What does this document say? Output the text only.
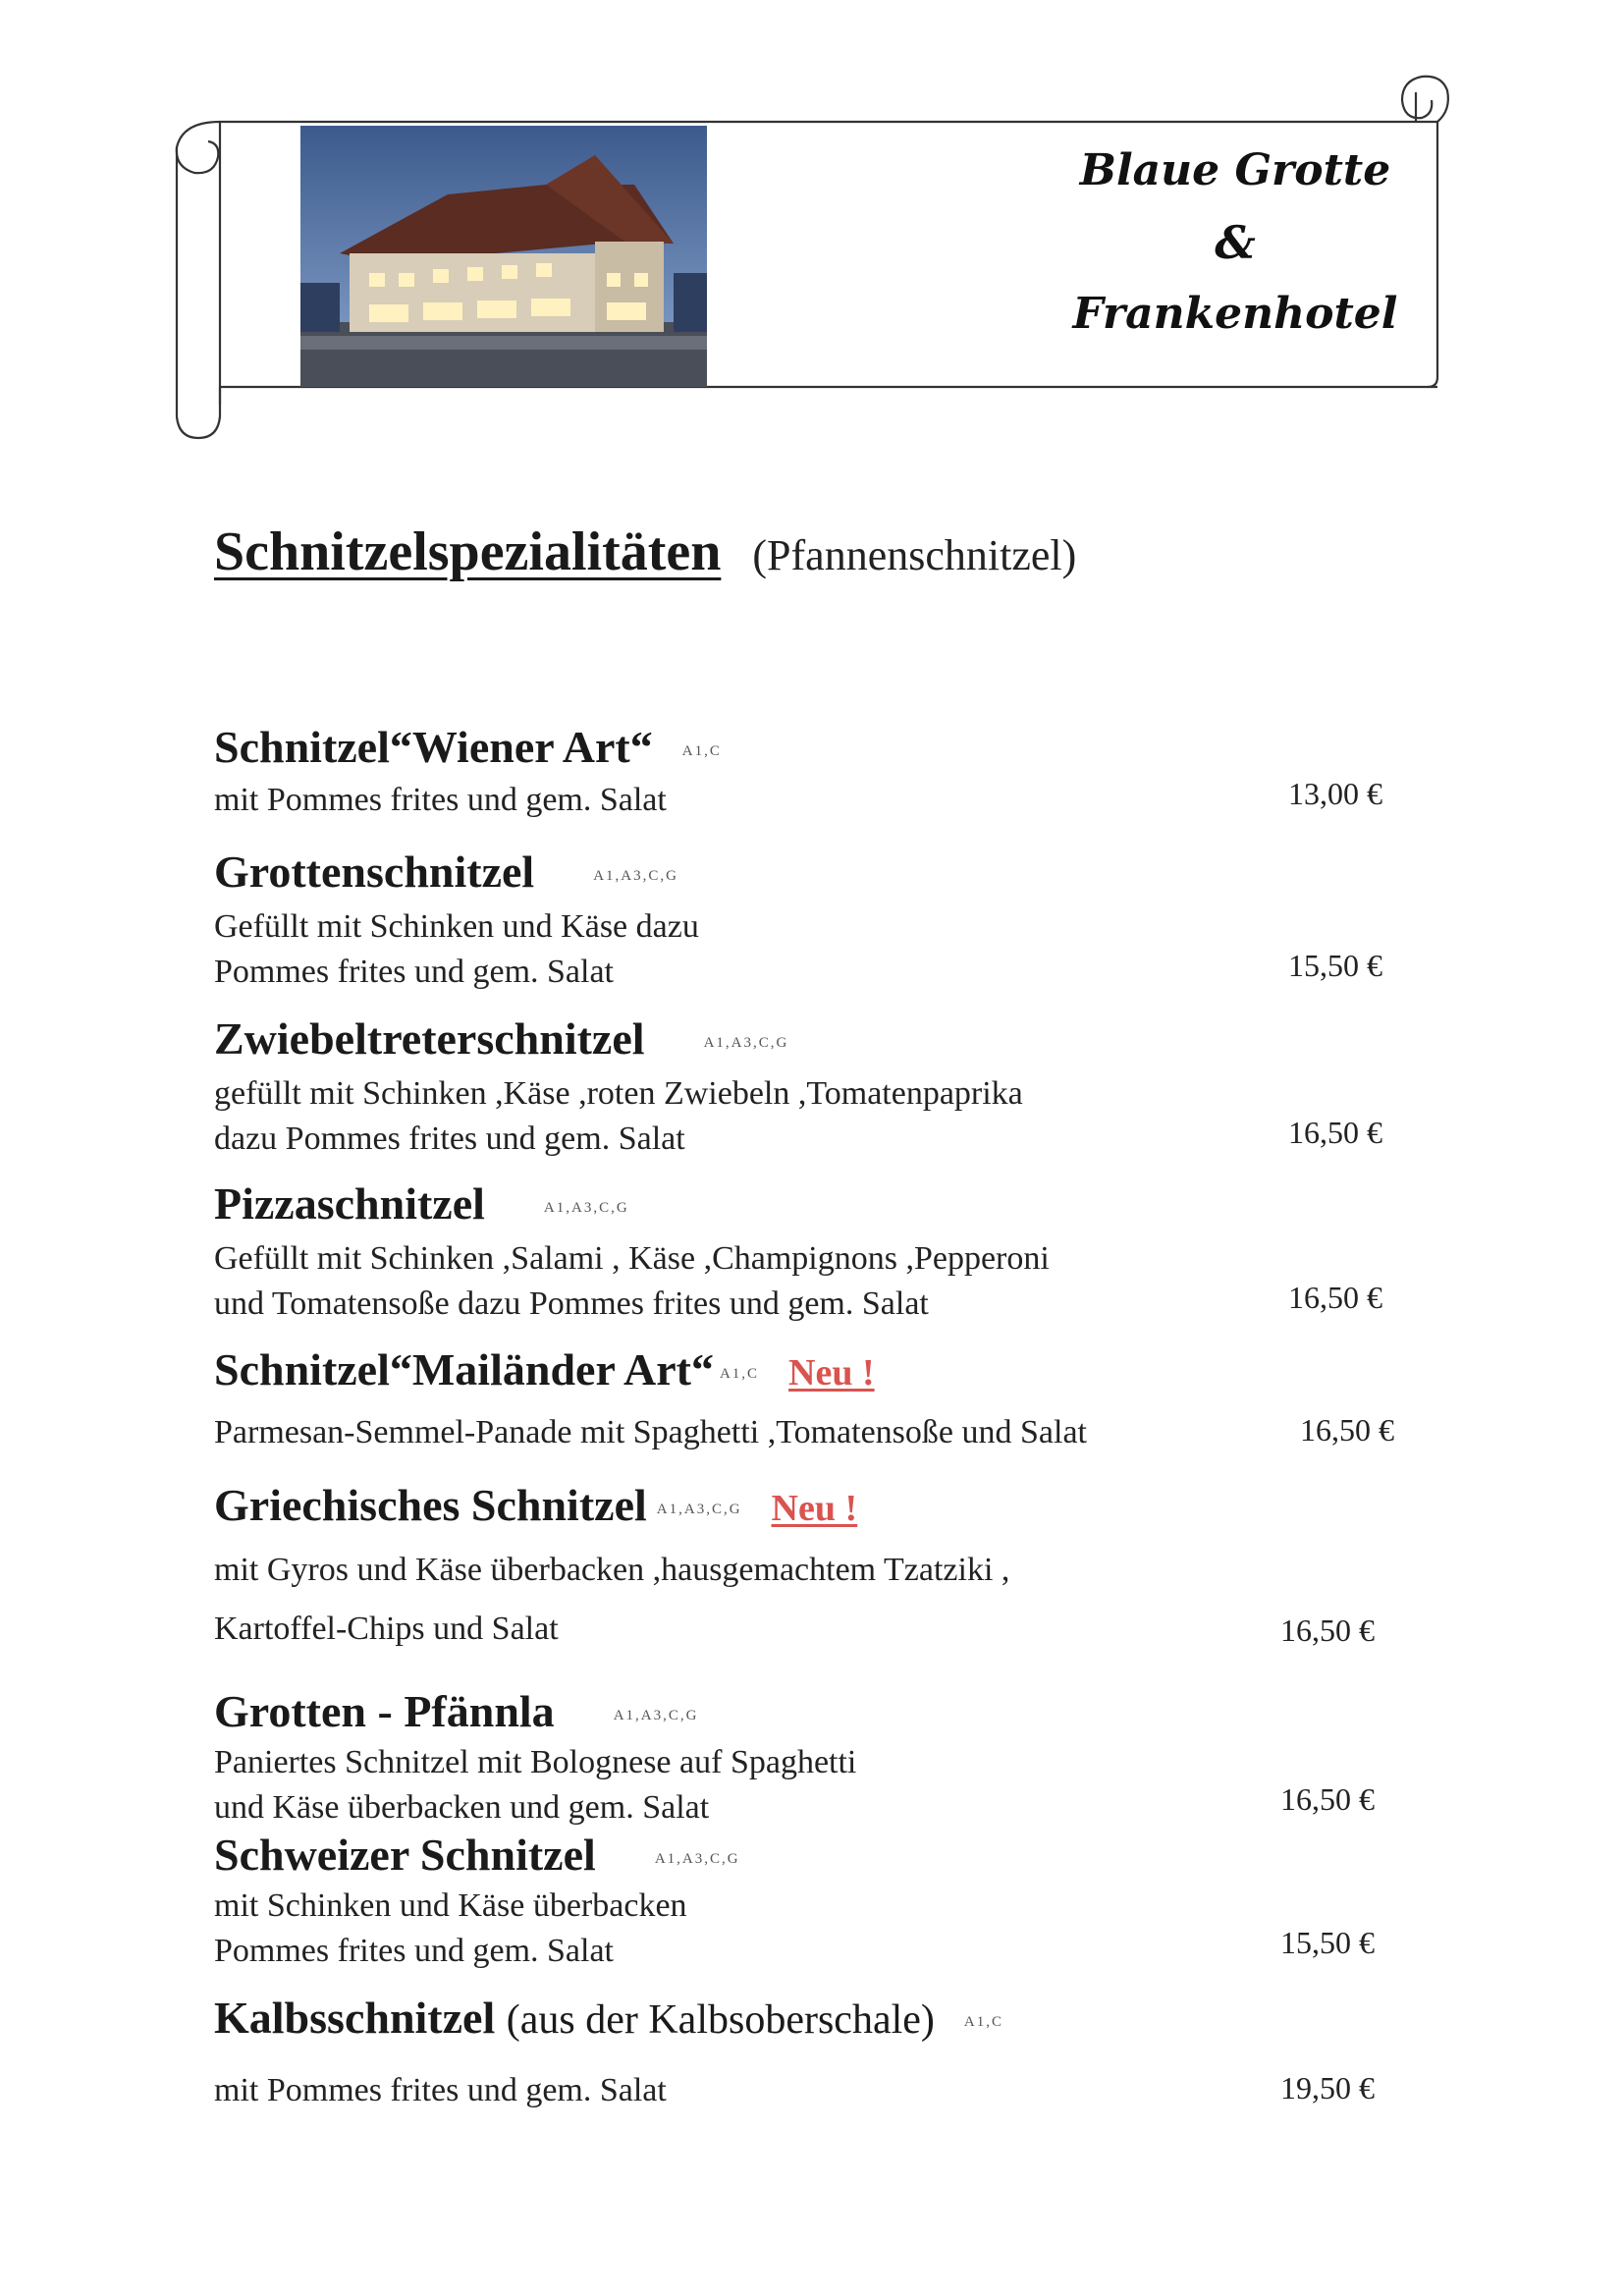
Blaue Grotte
&
Frankenhotel
Schnitzelspezialitäten (Pfannenschnitzel)
Schnitzel“Wiener Art“ A1,C
mit Pommes frites und gem. Salat	13,00 €
Grottenschnitzel	A1,A3,C,G
Gefüllt mit Schinken und Käse dazu
Pommes frites und gem. Salat	15,50 €
Zwiebeltreterschnitzel	A1,A3,C,G
gefüllt mit Schinken ,Käse ,roten Zwiebeln ,Tomatenpaprika
dazu Pommes frites und gem. Salat	16,50 €
Pizzaschnitzel	A1,A3,C,G
Gefüllt mit Schinken ,Salami , Käse ,Champignons ,Pepperoni
und Tomatensoße dazu Pommes frites und gem. Salat	16,50 €
Schnitzel“Mailänder Art“ A1,C Neu !
Parmesan-Semmel-Panade mit Spaghetti ,Tomatensoße und Salat	16,50 €
Griechisches Schnitzel A1,A3,C,G Neu !
mit Gyros und Käse überbacken ,hausgemachtem Tzatziki ,
Kartoffel-Chips und Salat	16,50 €
Grotten - Pfännla	A1,A3,C,G
Paniertes Schnitzel mit Bolognese auf Spaghetti
und Käse überbacken und gem. Salat	16,50 €
Schweizer Schnitzel	A1,A3,C,G
mit Schinken und Käse überbacken
Pommes frites und gem. Salat	15,50 €
Kalbsschnitzel (aus der Kalbsoberschale) A1,C
mit Pommes frites und gem. Salat	19,50 €
